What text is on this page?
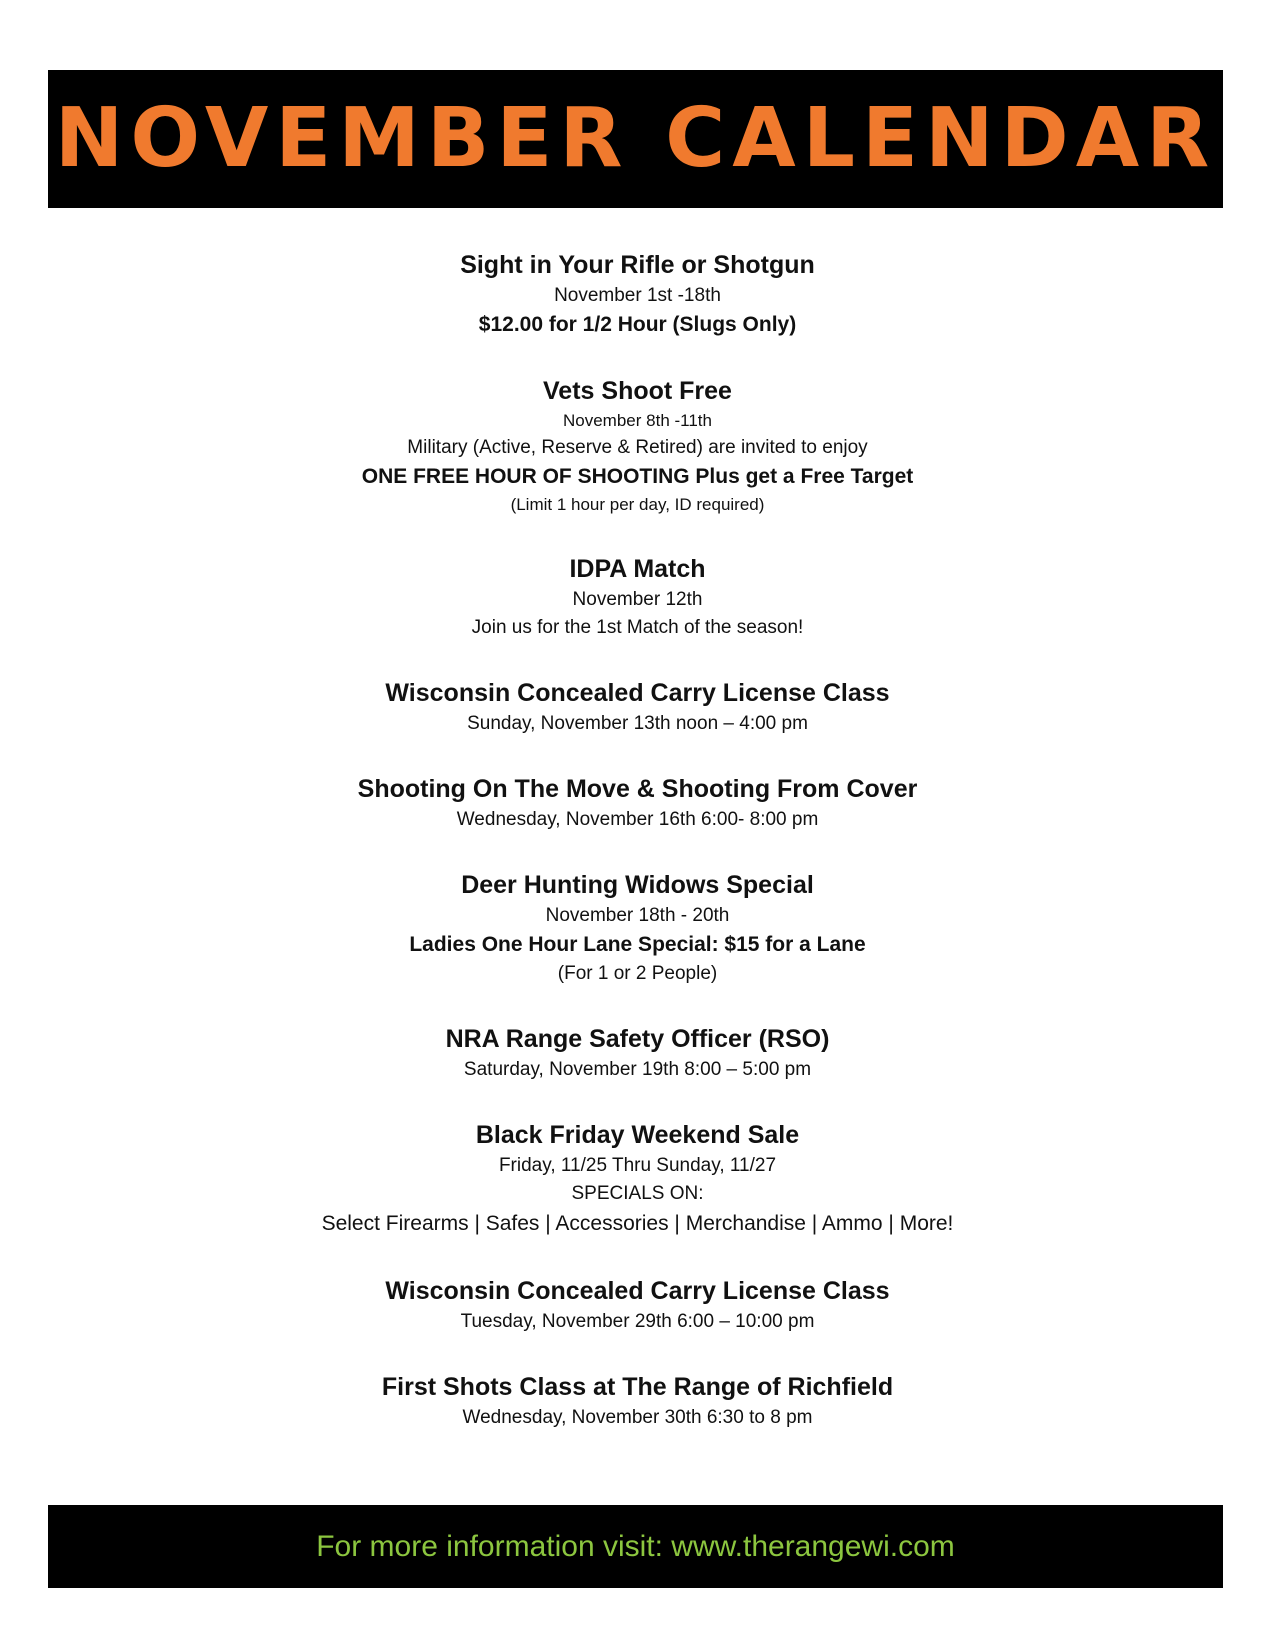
NOVEMBER CALENDAR
Sight in Your Rifle or Shotgun
November 1st -18th
$12.00 for 1/2 Hour (Slugs Only)
Vets Shoot Free
November 8th -11th
Military (Active, Reserve & Retired) are invited to enjoy
ONE FREE HOUR OF SHOOTING Plus get a Free Target
(Limit 1 hour per day, ID required)
IDPA Match
November 12th
Join us for the 1st Match of the season!
Wisconsin Concealed Carry License Class
Sunday, November 13th noon – 4:00 pm
Shooting On The Move & Shooting From Cover
Wednesday, November 16th 6:00- 8:00 pm
Deer Hunting Widows Special
November 18th - 20th
Ladies One Hour Lane Special: $15 for a Lane
(For 1 or 2 People)
NRA Range Safety Officer (RSO)
Saturday, November 19th 8:00 – 5:00 pm
Black Friday Weekend Sale
Friday, 11/25 Thru Sunday, 11/27
SPECIALS ON:
Select Firearms | Safes | Accessories | Merchandise | Ammo | More!
Wisconsin Concealed Carry License Class
Tuesday, November 29th 6:00 – 10:00 pm
First Shots Class at The Range of Richfield
Wednesday, November 30th 6:30 to 8 pm
For more information visit: www.therangewi.com
